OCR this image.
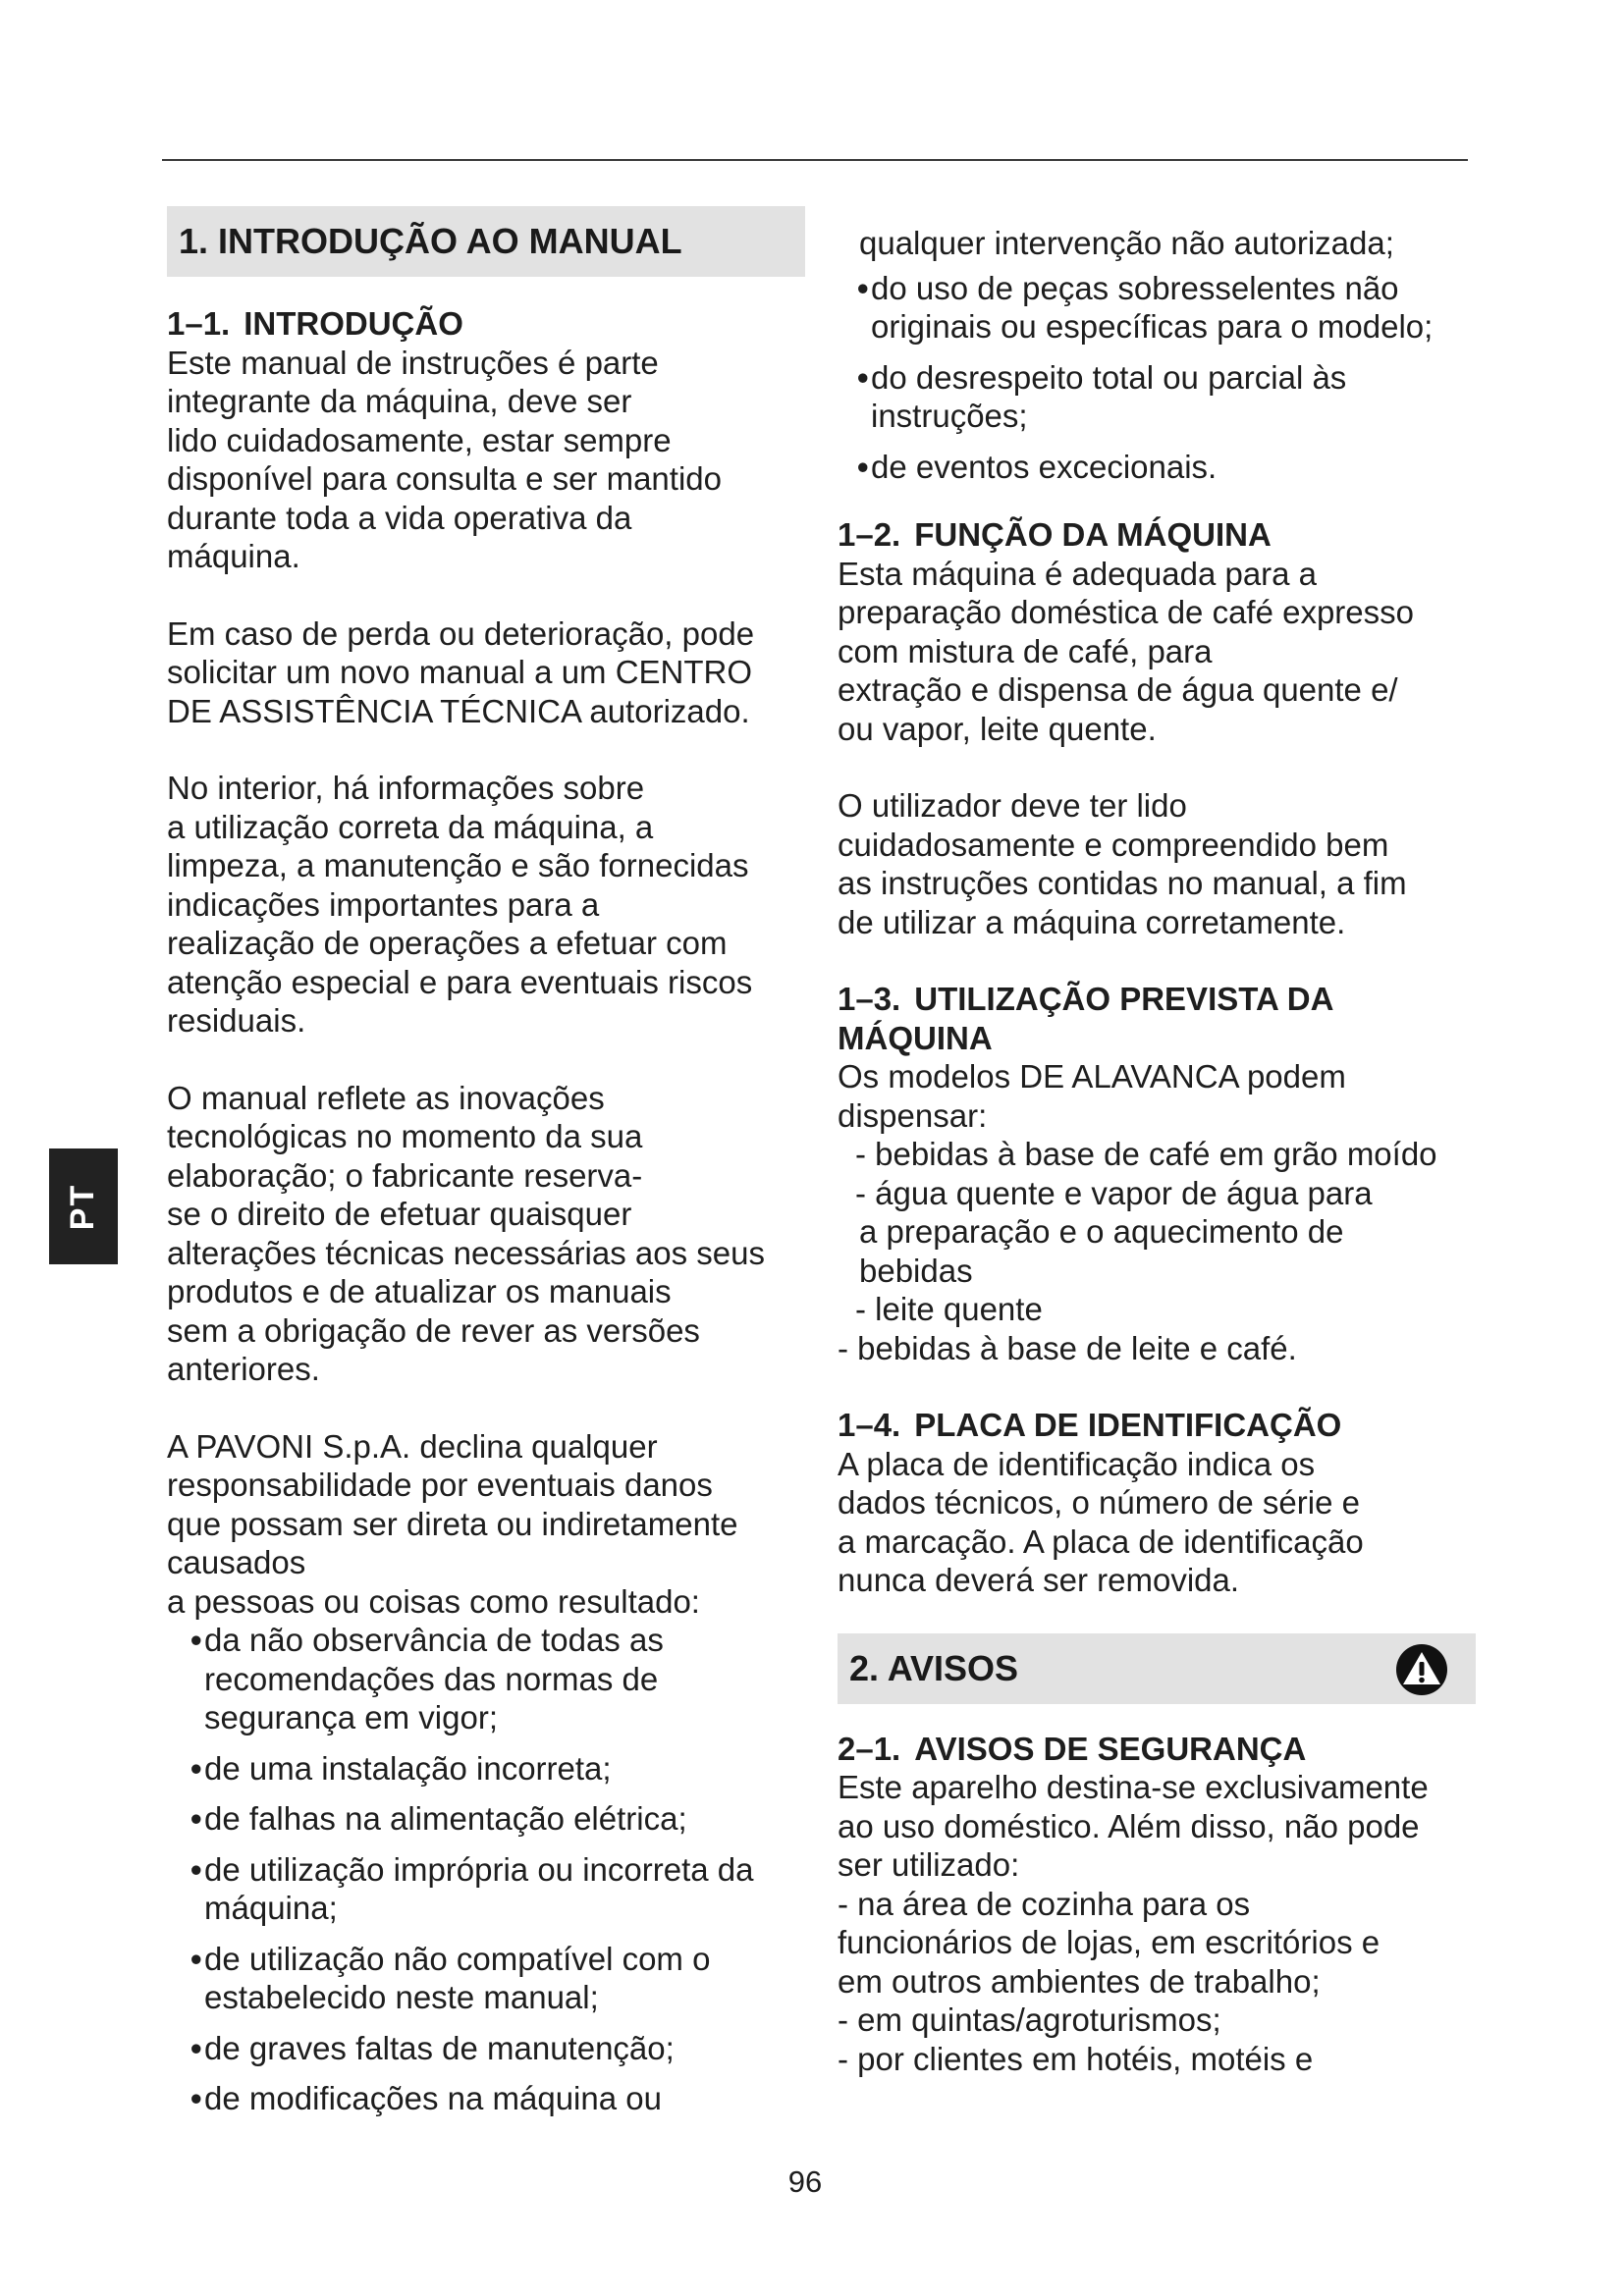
PT
1. INTRODUÇÃO AO MANUAL

1–1. INTRODUÇÃO

Este manual de instruções é parte

integrante da máquina, deve ser

lido cuidadosamente, estar sempre

disponível para consulta e ser mantido

durante toda a vida operativa da

máquina.

Em caso de perda ou deterioração, pode

solicitar um novo manual a um CENTRO

DE ASSISTÊNCIA TÉCNICA autorizado.

No interior, há informações sobre

a utilização correta da máquina, a

limpeza, a manutenção e são fornecidas

indicações importantes para a

realização de operações a efetuar com

atenção especial e para eventuais riscos

residuais.

O manual reflete as inovações

tecnológicas no momento da sua

elaboração; o fabricante reserva-

se o direito de efetuar quaisquer

alterações técnicas necessárias aos seus

produtos e de atualizar os manuais

sem a obrigação de rever as versões

anteriores.

A PAVONI S.p.A. declina qualquer

responsabilidade por eventuais danos

que possam ser direta ou indiretamente

causados

a pessoas ou coisas como resultado:

• da não observância de todas as

recomendações das normas de

segurança em vigor;

• de uma instalação incorreta;

• de falhas na alimentação elétrica;

• de utilização imprópria ou incorreta da

máquina;

• de utilização não compatível com o

estabelecido neste manual;

• de graves faltas de manutenção;

• de modificações na máquina ou

qualquer intervenção não autorizada;

• do uso de peças sobresselentes não

originais ou específicas para o modelo;

• do desrespeito total ou parcial às

instruções;

• de eventos excecionais.

1–2. FUNÇÃO DA MÁQUINA

Esta máquina é adequada para a

preparação doméstica de café expresso

com mistura de café, para

extração e dispensa de água quente e/

ou vapor, leite quente.

O utilizador deve ter lido

cuidadosamente e compreendido bem

as instruções contidas no manual, a fim

de utilizar a máquina corretamente.

1–3. UTILIZAÇÃO PREVISTA DA

MÁQUINA

Os modelos DE ALAVANCA podem

dispensar:

- bebidas à base de café em grão moído

- água quente e vapor de água para

a preparação e o aquecimento de

bebidas

- leite quente

- bebidas à base de leite e café.

1–4. PLACA DE IDENTIFICAÇÃO

A placa de identificação indica os

dados técnicos, o número de série e

a marcação. A placa de identificação

nunca deverá ser removida.

2. AVISOS

2–1. AVISOS DE SEGURANÇA

Este aparelho destina-se exclusivamente

ao uso doméstico. Além disso, não pode

ser utilizado:

- na área de cozinha para os

funcionários de lojas, em escritórios e

em outros ambientes de trabalho;

- em quintas/agroturismos;

- por clientes em hotéis, motéis e

96
